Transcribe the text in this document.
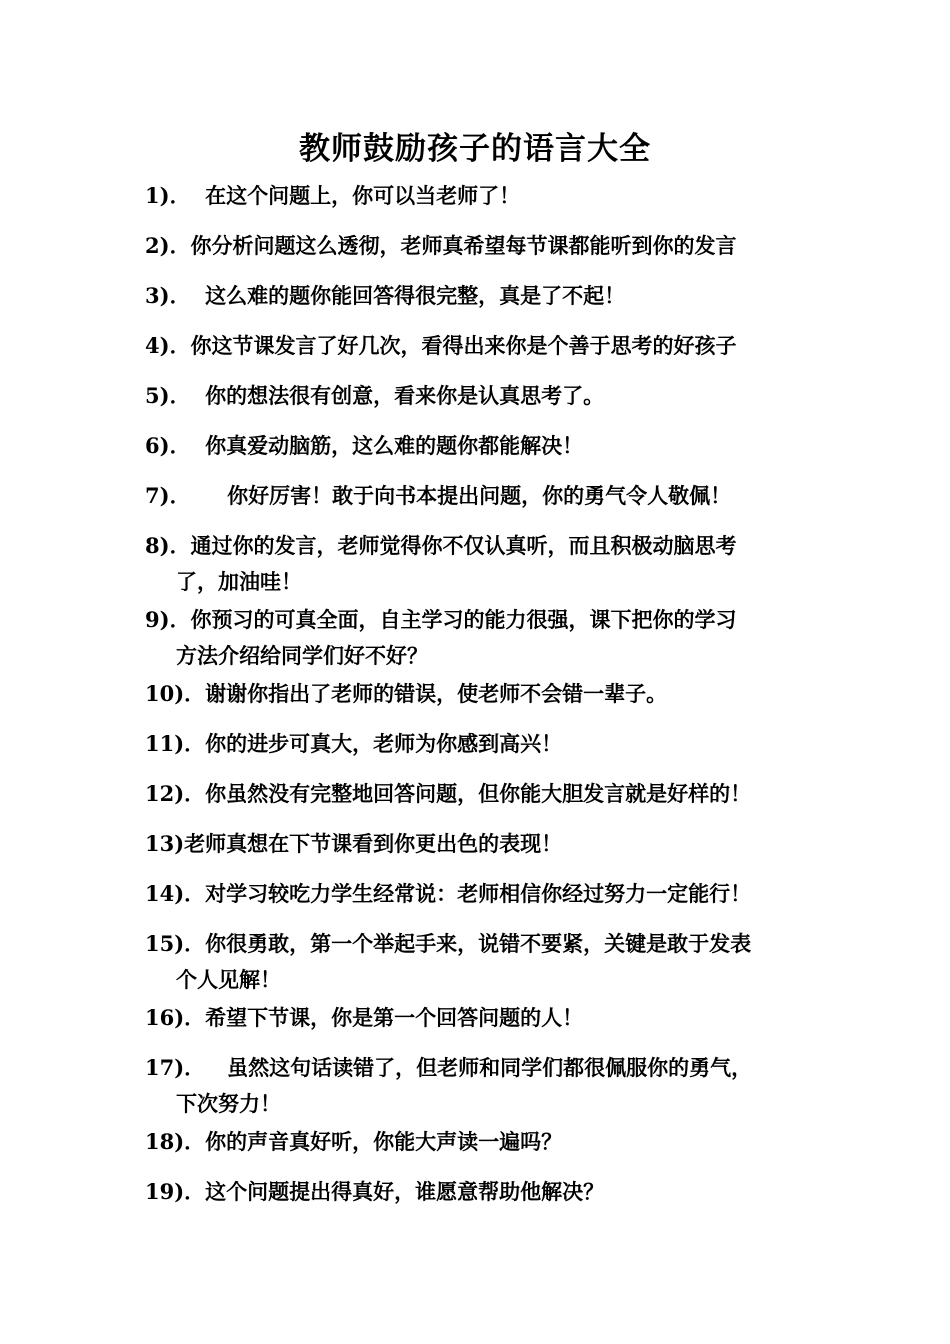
教师鼓励孩子的语言大全
1)．  在这个问题上，你可以当老师了！
2)．你分析问题这么透彻，老师真希望每节课都能听到你的发言
3)．  这么难的题你能回答得很完整，真是了不起！
4)．你这节课发言了好几次，看得出来你是个善于思考的好孩子
5)．  你的想法很有创意，看来你是认真思考了。
6)．  你真爱动脑筋，这么难的题你都能解决！
7)．     你好厉害！敢于向书本提出问题，你的勇气令人敬佩！
8)．通过你的发言，老师觉得你不仅认真听，而且积极动脑思考
了，加油哇！
9)．你预习的可真全面，自主学习的能力很强，课下把你的学习
方法介绍给同学们好不好？
10)．谢谢你指出了老师的错误，使老师不会错一辈子。
11)．你的进步可真大，老师为你感到高兴！
12)．你虽然没有完整地回答问题，但你能大胆发言就是好样的！
13)老师真想在下节课看到你更出色的表现！
14)．对学习较吃力学生经常说：老师相信你经过努力一定能行！
15)．你很勇敢，第一个举起手来，说错不要紧，关键是敢于发表
个人见解！
16)．希望下节课，你是第一个回答问题的人！
17)．   虽然这句话读错了，但老师和同学们都很佩服你的勇气，
下次努力！
18)．你的声音真好听，你能大声读一遍吗？
19)．这个问题提出得真好，谁愿意帮助他解决？
